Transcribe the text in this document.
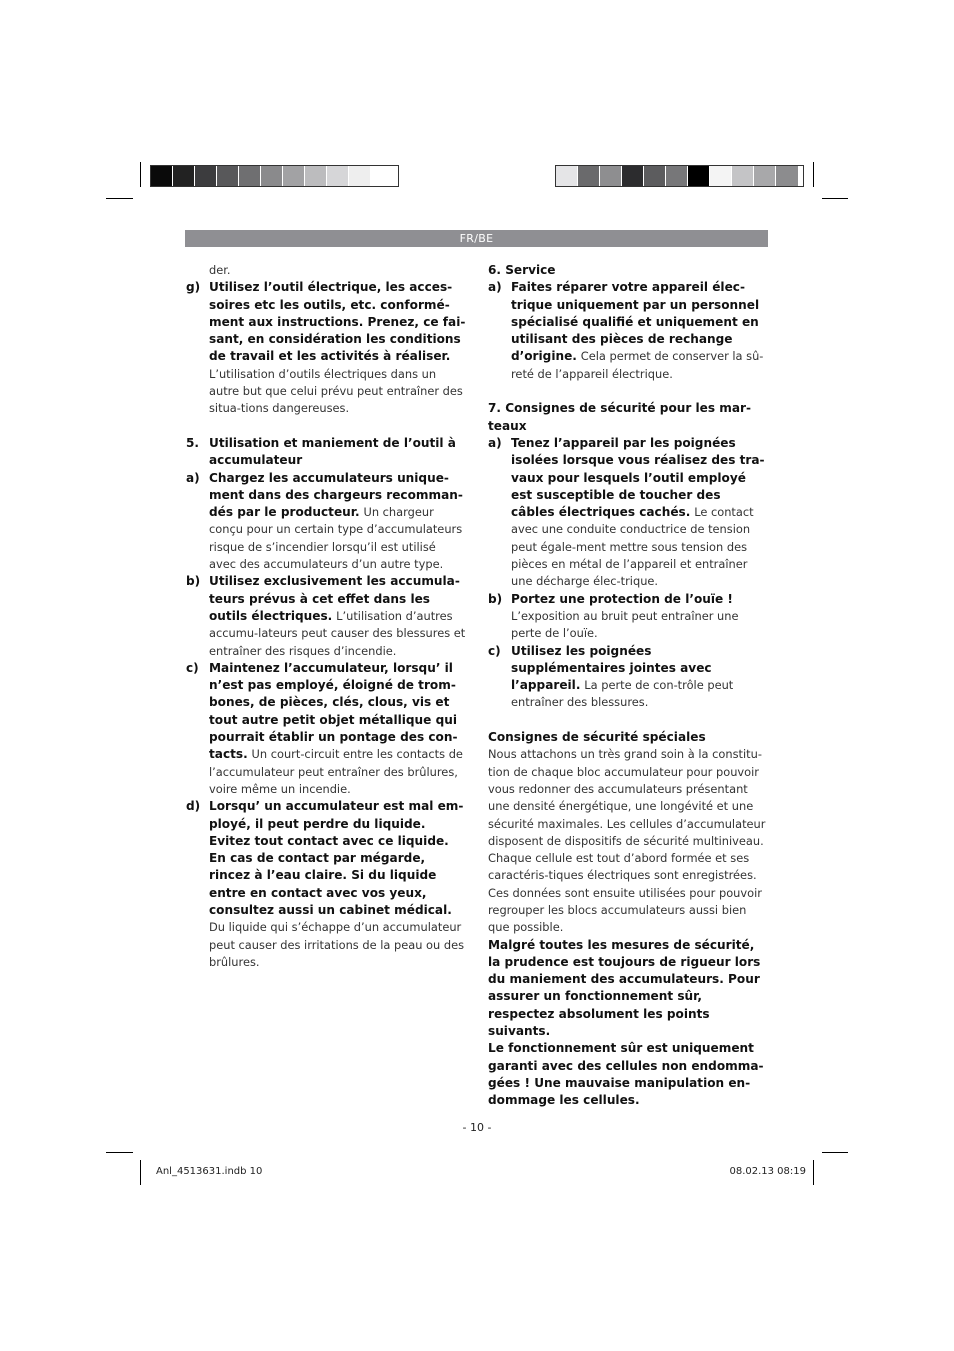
FR/BE
der.
g) Utilisez l’outil électrique, les acces-soires etc les outils, etc. conformé-ment aux instructions. Prenez, ce fai-sant, en considération les conditions de travail et les activités à réaliser. L’utilisation d’outils électriques dans un autre but que celui prévu peut entraîner des situa-tions dangereuses.
5. Utilisation et maniement de l’outil à accumulateur
a) Chargez les accumulateurs unique-ment dans des chargeurs recomman-dés par le producteur. Un chargeur conçu pour un certain type d’accumulateurs risque de s’incendier lorsqu’il est utilisé avec des accumulateurs d’un autre type.
b) Utilisez exclusivement les accumula-teurs prévus à cet effet dans les outils électriques. L’utilisation d’autres accumu-lateurs peut causer des blessures et entraîner des risques d’incendie.
c) Maintenez l’accumulateur, lorsqu’ il n’est pas employé, éloigné de trom-bones, de pièces, clés, clous, vis et tout autre petit objet métallique qui pourrait établir un pontage des con-tacts. Un court-circuit entre les contacts de l’accumulateur peut entraîner des brûlures, voire même un incendie.
d) Lorsqu’ un accumulateur est mal em-ployé, il peut perdre du liquide. Evitez tout contact avec ce liquide. En cas de contact par mégarde, rincez à l’eau claire. Si du liquide entre en contact avec vos yeux, consultez aussi un cabinet médical. Du liquide qui s’échappe d’un accumulateur peut causer des irritations de la peau ou des brûlures.
6. Service
a) Faites réparer votre appareil élec-trique uniquement par un personnel spécialisé qualifié et uniquement en utilisant des pièces de rechange d’origine. Cela permet de conserver la sû-reté de l’appareil électrique.
7. Consignes de sécurité pour les mar-teaux
a) Tenez l’appareil par les poignées isolées lorsque vous réalisez des tra-vaux pour lesquels l’outil employé est susceptible de toucher des câbles électriques cachés. Le contact avec une conduite conductrice de tension peut égale-ment mettre sous tension des pièces en métal de l’appareil et entraîner une décharge élec-trique.
b) Portez une protection de l’ouïe ! L’exposition au bruit peut entraîner une perte de l’ouïe.
c) Utilisez les poignées supplémentaires jointes avec l’appareil. La perte de con-trôle peut entraîner des blessures.
Consignes de sécurité spéciales
Nous attachons un très grand soin à la constitu-tion de chaque bloc accumulateur pour pouvoir vous redonner des accumulateurs présentant une densité énergétique, une longévité et une sécurité maximales. Les cellules d’accumulateur disposent de dispositifs de sécurité multiniveau. Chaque cellule est tout d’abord formée et ses caractéris-tiques électriques sont enregistrées. Ces données sont ensuite utilisées pour pouvoir regrouper les blocs accumulateurs aussi bien que possible.
Malgré toutes les mesures de sécurité, la prudence est toujours de rigueur lors du maniement des accumulateurs. Pour assurer un fonctionnement sûr, respectez absolument les points suivants.
Le fonctionnement sûr est uniquement garanti avec des cellules non endomma-gées ! Une mauvaise manipulation en-dommage les cellules.
- 10 -
Anl_4513631.indb 10	08.02.13 08:19
